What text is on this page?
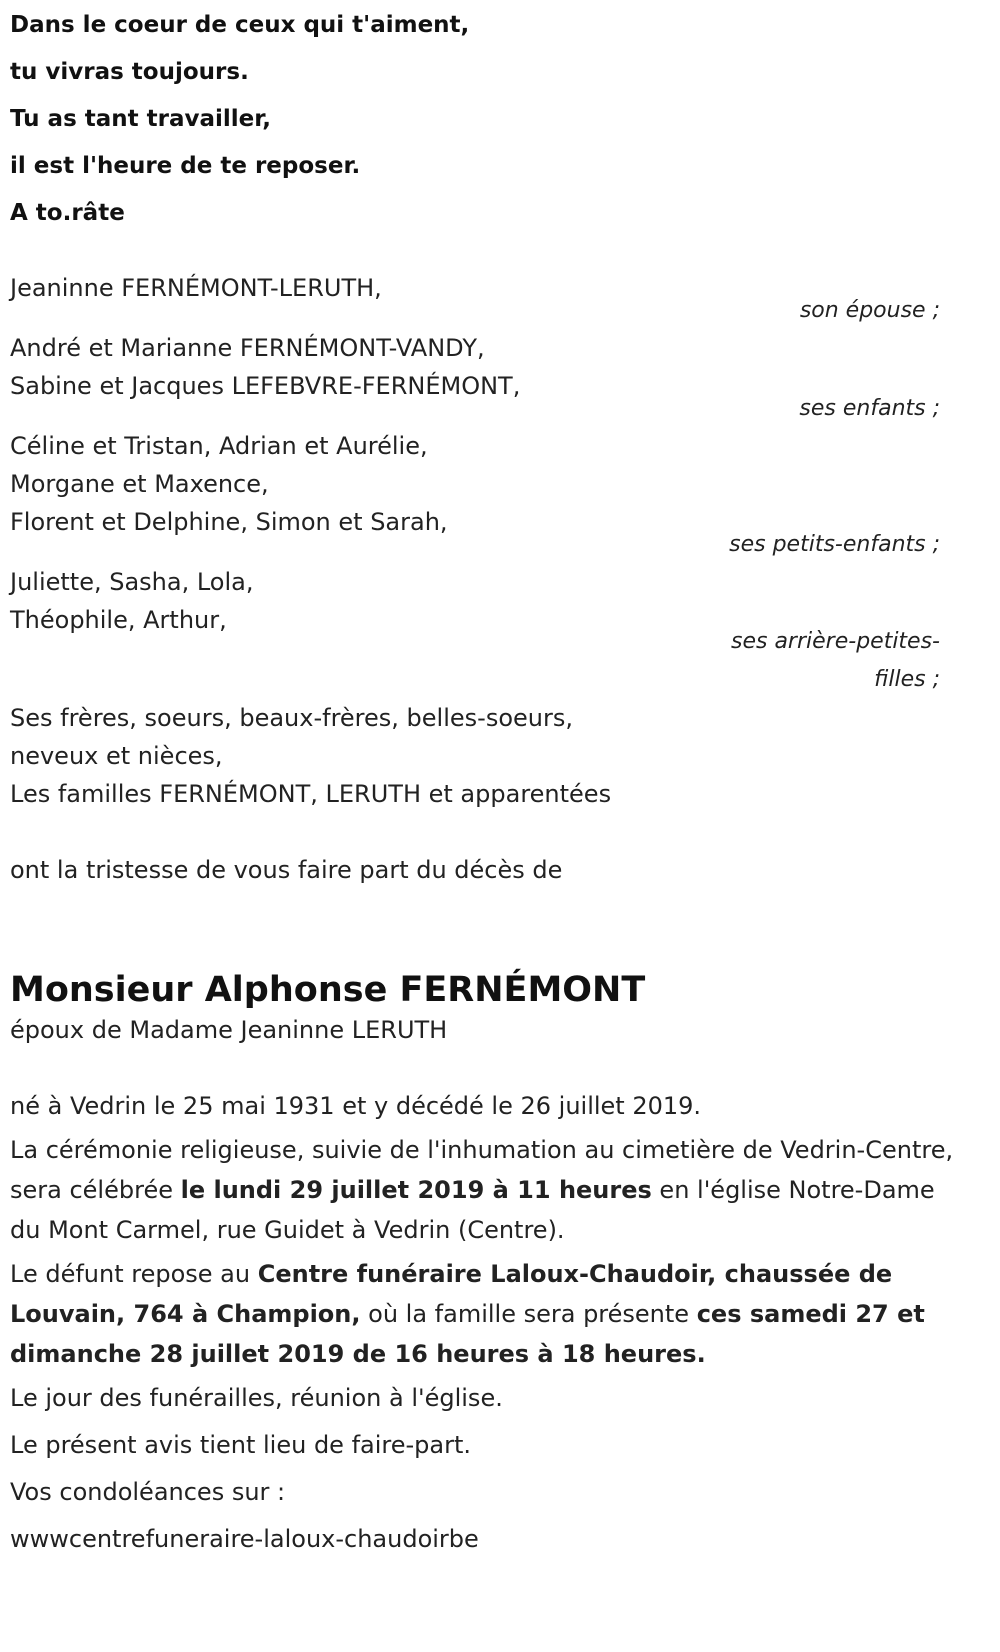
Dans le coeur de ceux qui t'aiment,
tu vivras toujours.
Tu as tant travailler,
il est l'heure de te reposer.
A to.râte
Jeaninne FERNÉMONT-LERUTH,
son épouse ;
André et Marianne FERNÉMONT-VANDY,
Sabine et Jacques LEFEBVRE-FERNÉMONT,
ses enfants ;
Céline et Tristan, Adrian et Aurélie,
Morgane et Maxence,
Florent et Delphine, Simon et Sarah,
ses petits-enfants ;
Juliette, Sasha, Lola,
Théophile, Arthur,
ses arrière-petites-
filles ;
Ses frères, soeurs, beaux-frères, belles-soeurs,
neveux et nièces,
Les familles FERNÉMONT, LERUTH et apparentées
ont la tristesse de vous faire part du décès de
Monsieur Alphonse FERNÉMONT
époux de Madame Jeaninne LERUTH
né à Vedrin le 25 mai 1931 et y décédé le 26 juillet 2019.
La cérémonie religieuse, suivie de l'inhumation au cimetière de Vedrin-Centre, sera célébrée le lundi 29 juillet 2019 à 11 heures en l'église Notre-Dame du Mont Carmel, rue Guidet à Vedrin (Centre).
Le défunt repose au Centre funéraire Laloux-Chaudoir, chaussée de Louvain, 764 à Champion, où la famille sera présente ces samedi 27 et dimanche 28 juillet 2019 de 16 heures à 18 heures.
Le jour des funérailles, réunion à l'église.
Le présent avis tient lieu de faire-part.
Vos condoléances sur :
wwwcentrefuneraire-laloux-chaudoirbe
